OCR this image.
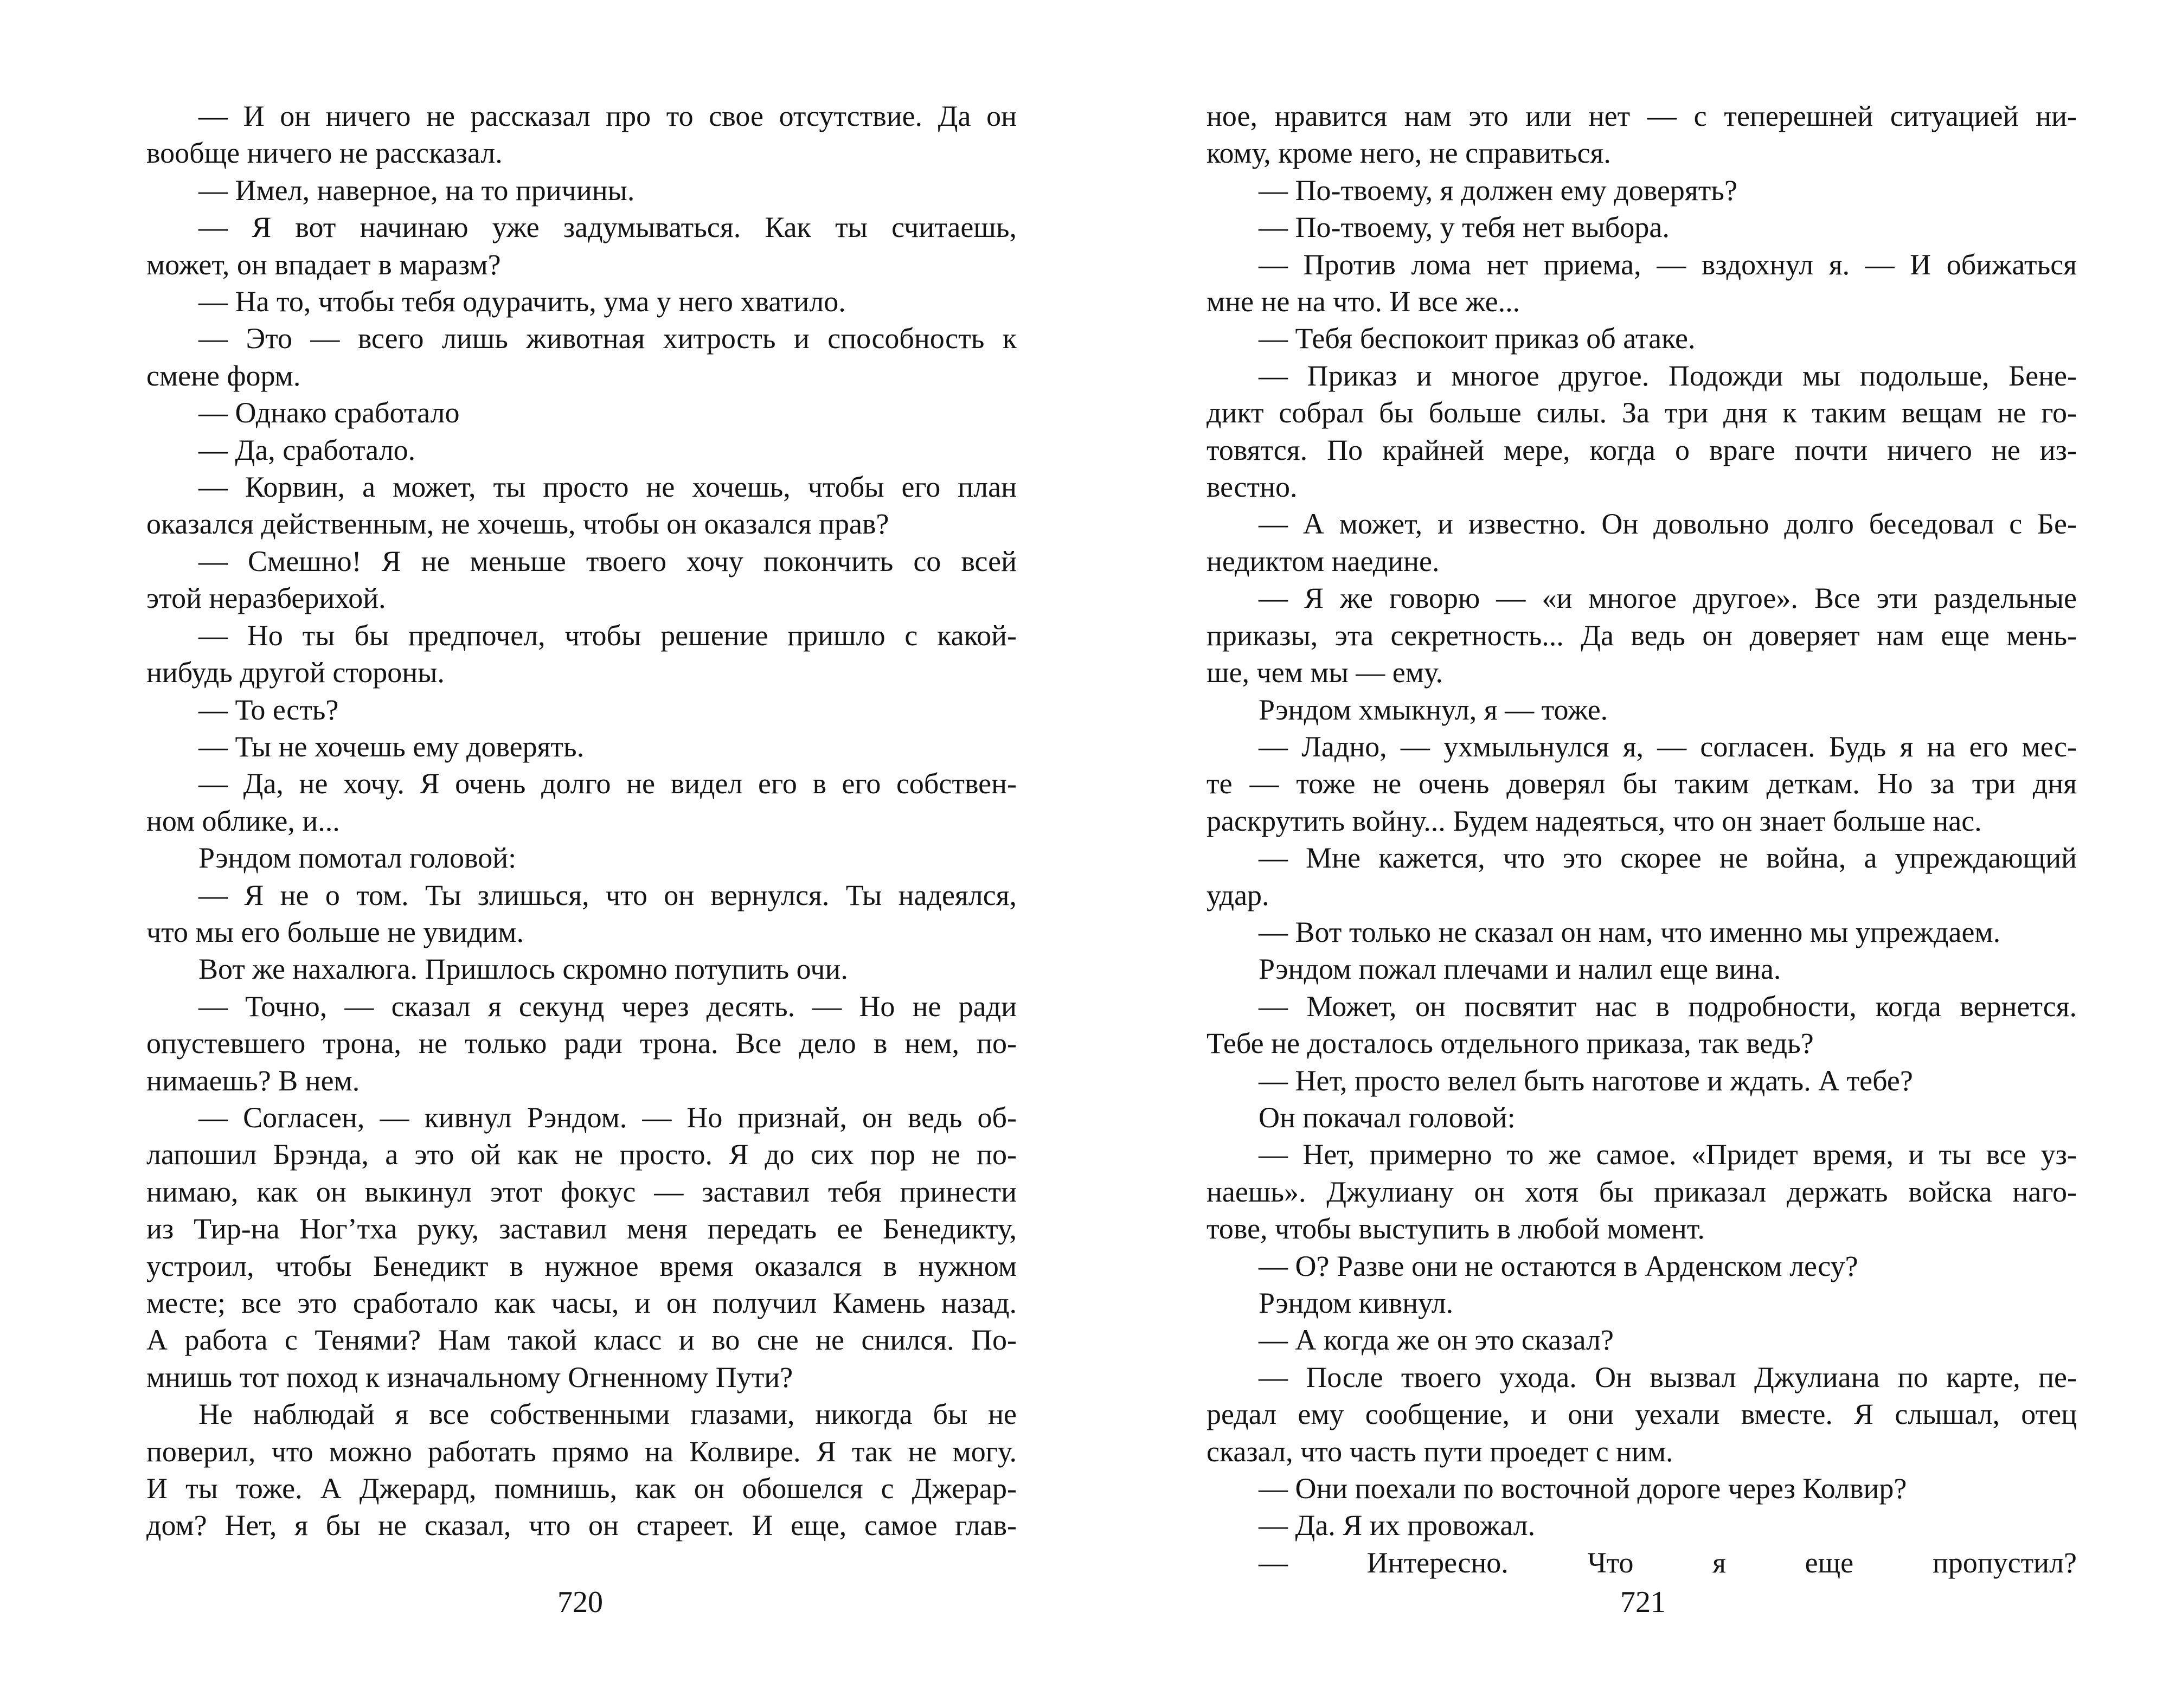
— И он ничего не рассказал про то свое отсутствие. Да он
вообще ничего не рассказал.
— Имел, наверное, на то причины.
— Я вот начинаю уже задумываться. Как ты считаешь,
может, он впадает в маразм?
— На то, чтобы тебя одурачить, ума у него хватило.
— Это — всего лишь животная хитрость и способность к
смене форм.
— Однако сработало
— Да, сработало.
— Корвин, а может, ты просто не хочешь, чтобы его план
оказался действенным, не хочешь, чтобы он оказался прав?
— Смешно! Я не меньше твоего хочу покончить со всей
этой неразберихой.
— Но ты бы предпочел, чтобы решение пришло с какой-
нибудь другой стороны.
— То есть?
— Ты не хочешь ему доверять.
— Да, не хочу. Я очень долго не видел его в его собствен-
ном облике, и...
Рэндом помотал головой:
— Я не о том. Ты злишься, что он вернулся. Ты надеялся,
что мы его больше не увидим.
Вот же нахалюга. Пришлось скромно потупить очи.
— Точно, — сказал я секунд через десять. — Но не ради
опустевшего трона, не только ради трона. Все дело в нем, по-
нимаешь? В нем.
— Согласен, — кивнул Рэндом. — Но признай, он ведь об-
лапошил Брэнда, а это ой как не просто. Я до сих пор не по-
нимаю, как он выкинул этот фокус — заставил тебя принести
из Тир-на Ног’тха руку, заставил меня передать ее Бенедикту,
устроил, чтобы Бенедикт в нужное время оказался в нужном
месте; все это сработало как часы, и он получил Камень назад.
А работа с Тенями? Нам такой класс и во сне не снился. По-
мнишь тот поход к изначальному Огненному Пути?
Не наблюдай я все собственными глазами, никогда бы не
поверил, что можно работать прямо на Колвире. Я так не могу.
И ты тоже. А Джерард, помнишь, как он обошелся с Джерар-
дом? Нет, я бы не сказал, что он стареет. И еще, самое глав-
720
ное, нравится нам это или нет — с теперешней ситуацией ни-
кому, кроме него, не справиться.
— По-твоему, я должен ему доверять?
— По-твоему, у тебя нет выбора.
— Против лома нет приема, — вздохнул я. — И обижаться
мне не на что. И все же...
— Тебя беспокоит приказ об атаке.
— Приказ и многое другое. Подожди мы подольше, Бене-
дикт собрал бы больше силы. За три дня к таким вещам не го-
товятся. По крайней мере, когда о враге почти ничего не из-
вестно.
— А может, и известно. Он довольно долго беседовал с Бе-
недиктом наедине.
— Я же говорю — «и многое другое». Все эти раздельные
приказы, эта секретность... Да ведь он доверяет нам еще мень-
ше, чем мы — ему.
Рэндом хмыкнул, я — тоже.
— Ладно, — ухмыльнулся я, — согласен. Будь я на его мес-
те — тоже не очень доверял бы таким деткам. Но за три дня
раскрутить войну... Будем надеяться, что он знает больше нас.
— Мне кажется, что это скорее не война, а упреждающий
удар.
— Вот только не сказал он нам, что именно мы упреждаем.
Рэндом пожал плечами и налил еще вина.
— Может, он посвятит нас в подробности, когда вернется.
Тебе не досталось отдельного приказа, так ведь?
— Нет, просто велел быть наготове и ждать. А тебе?
Он покачал головой:
— Нет, примерно то же самое. «Придет время, и ты все уз-
наешь». Джулиану он хотя бы приказал держать войска наго-
тове, чтобы выступить в любой момент.
— О? Разве они не остаются в Арденском лесу?
Рэндом кивнул.
— А когда же он это сказал?
— После твоего ухода. Он вызвал Джулиана по карте, пе-
редал ему сообщение, и они уехали вместе. Я слышал, отец
сказал, что часть пути проедет с ним.
— Они поехали по восточной дороге через Колвир?
— Да. Я их провожал.
— Интересно. Что я еще пропустил?
721
